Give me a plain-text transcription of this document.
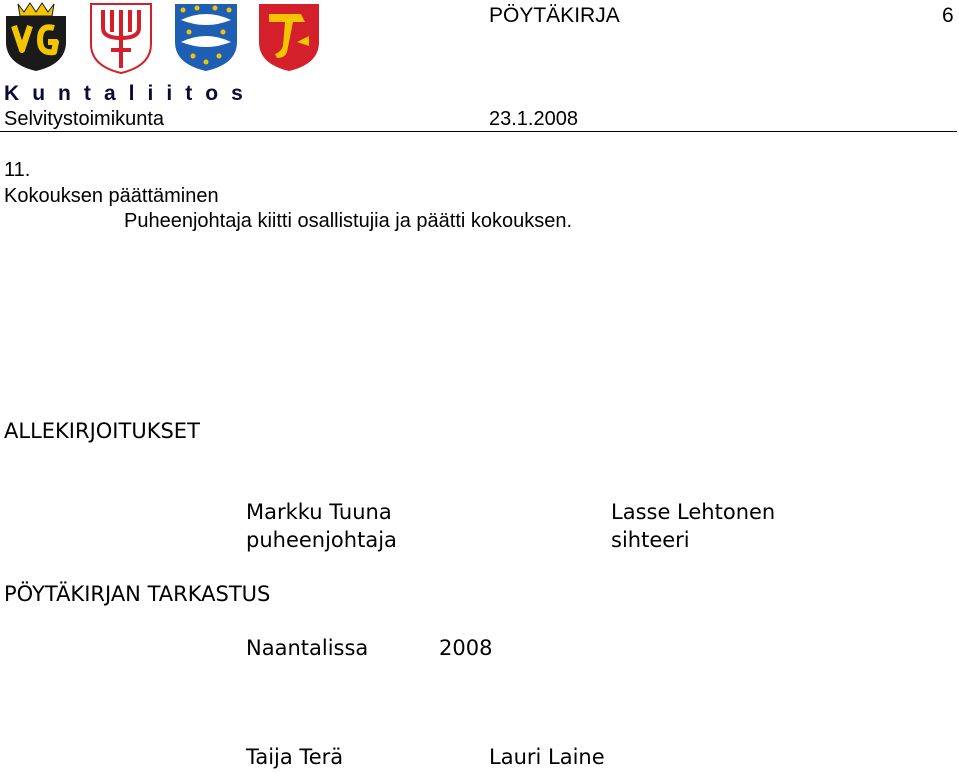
PÖYTÄKIRJA	6
K u n t a l i i t o s
Selvitystoimikunta	23.1.2008
11.
Kokouksen päättäminen
Puheenjohtaja kiitti osallistujia ja päätti kokouksen.
ALLEKIRJOITUKSET
Markku Tuuna
puheenjohtaja
Lasse Lehtonen
sihteeri
PÖYTÄKIRJAN TARKASTUS
Naantalissa	2008
Taija Terä	Lauri Laine
